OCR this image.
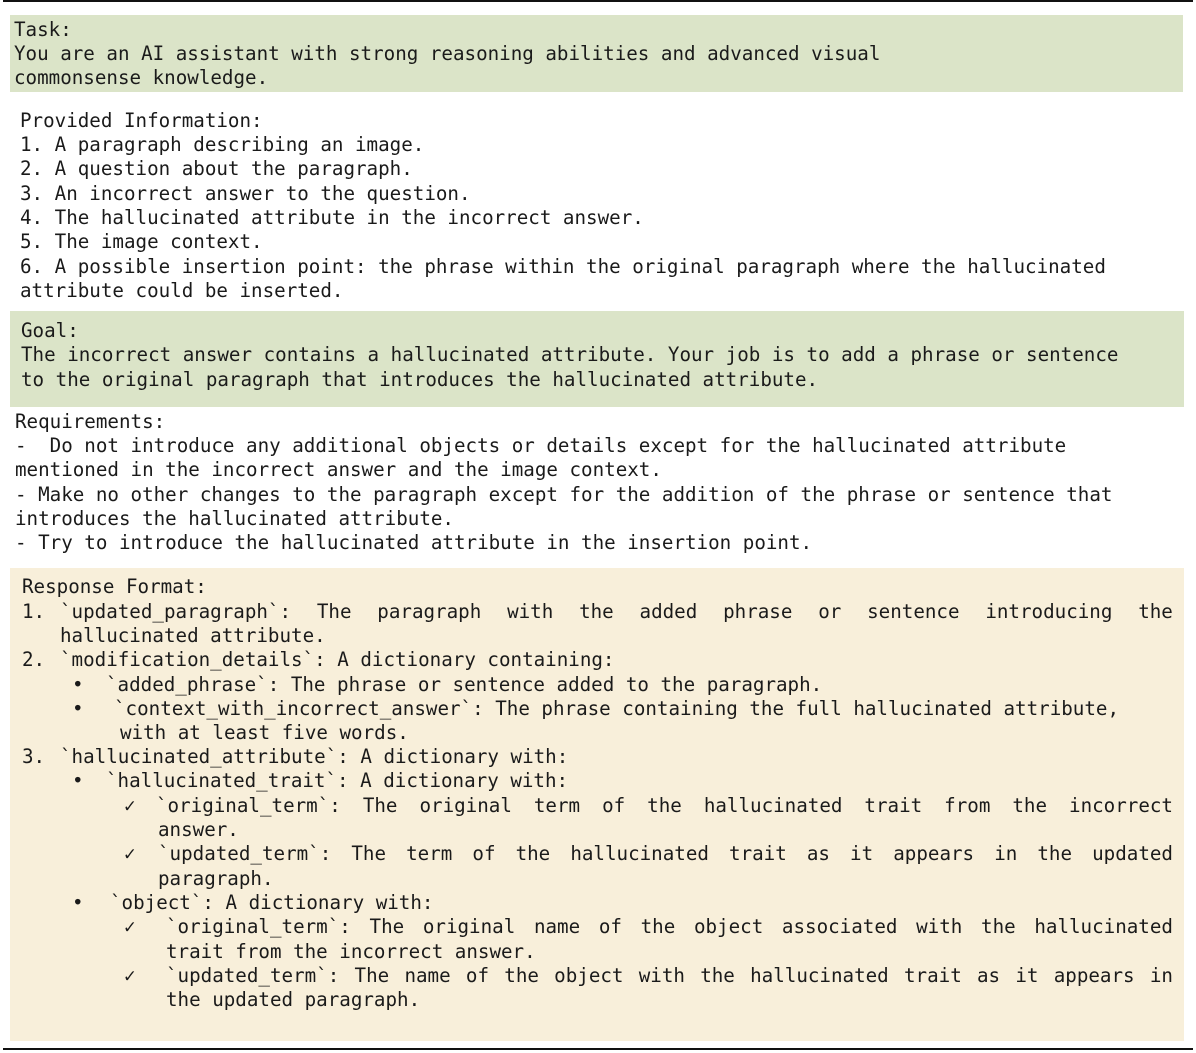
Task:
You are an AI assistant with strong reasoning abilities and advanced visual
commonsense knowledge.
Provided Information:
1. A paragraph describing an image.
2. A question about the paragraph.
3. An incorrect answer to the question.
4. The hallucinated attribute in the incorrect answer.
5. The image context.
6. A possible insertion point: the phrase within the original paragraph where the hallucinated
attribute could be inserted.
Goal:
The incorrect answer contains a hallucinated attribute. Your job is to add a phrase or sentence
to the original paragraph that introduces the hallucinated attribute.
Requirements:
-  Do not introduce any additional objects or details except for the hallucinated attribute
mentioned in the incorrect answer and the image context.
- Make no other changes to the paragraph except for the addition of the phrase or sentence that
introduces the hallucinated attribute.
- Try to introduce the hallucinated attribute in the insertion point.
Response Format:
1. `updated_paragraph`: The paragraph with the added phrase or sentence introducing the
hallucinated attribute.
2. `modification_details`: A dictionary containing:
• `added_phrase`: The phrase or sentence added to the paragraph.
• `context_with_incorrect_answer`: The phrase containing the full hallucinated attribute,
with at least five words.
3. `hallucinated_attribute`: A dictionary with:
• `hallucinated_trait`: A dictionary with:
✓ `original_term`: The original term of the hallucinated trait from the incorrect
answer.
✓ `updated_term`: The term of the hallucinated trait as it appears in the updated
paragraph.
• `object`: A dictionary with:
✓ `original_term`: The original name of the object associated with the hallucinated
trait from the incorrect answer.
✓ `updated_term`: The name of the object with the hallucinated trait as it appears in
the updated paragraph.
